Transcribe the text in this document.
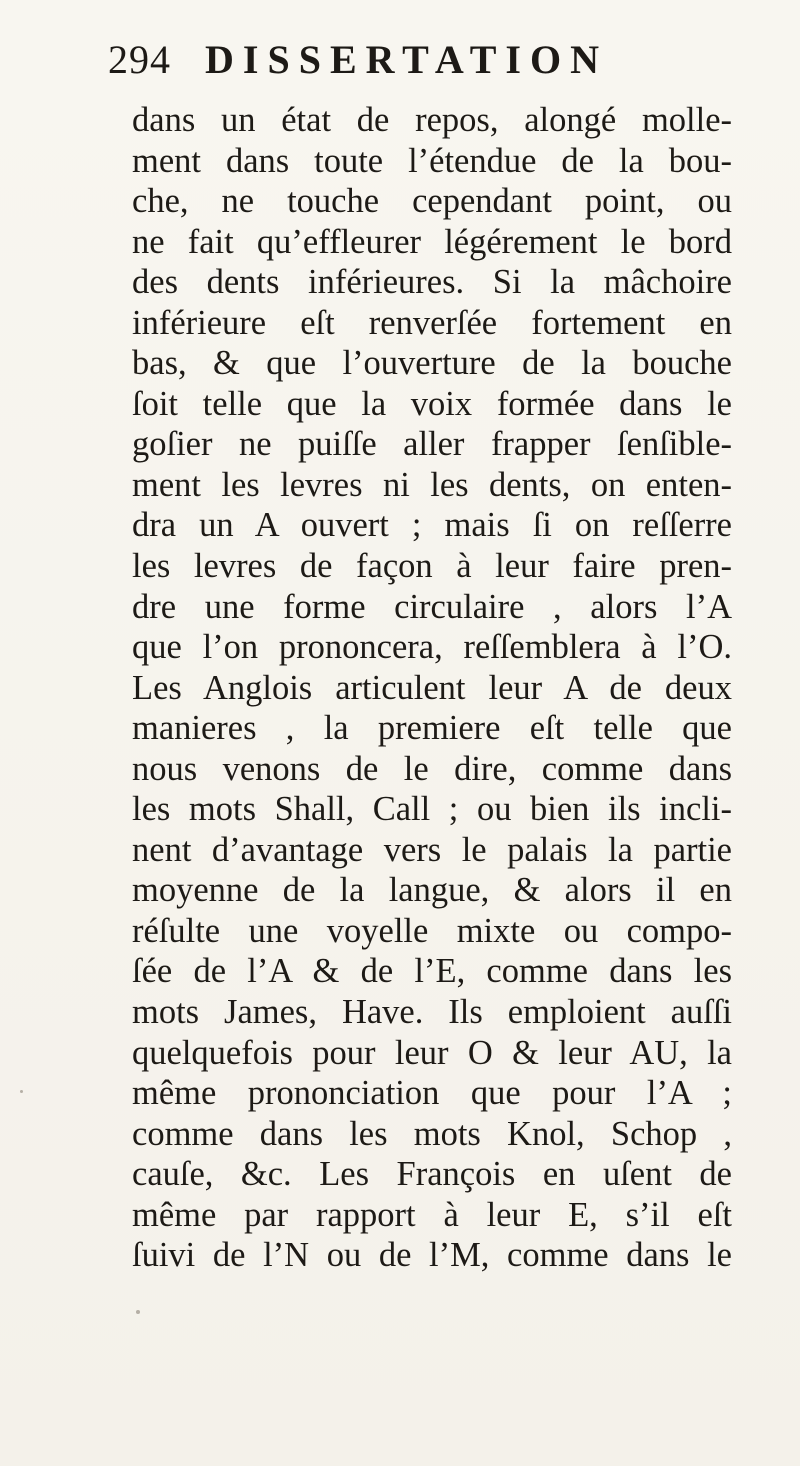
294 DISSERTATION
dans un état de repos, alongé molle-
ment dans toute l’étendue de la bou-
che, ne touche cependant point, ou
ne fait qu’effleurer légérement le bord
des dents inférieures. Si la mâchoire
inférieure eſt renverſée fortement en
bas, & que l’ouverture de la bouche
ſoit telle que la voix formée dans le
goſier ne puiſſe aller frapper ſenſible-
ment les levres ni les dents, on enten-
dra un A ouvert ; mais ſi on reſſerre
les levres de façon à leur faire pren-
dre une forme circulaire , alors l’A
que l’on prononcera, reſſemblera à l’O.
Les Anglois articulent leur A de deux
manieres , la premiere eſt telle que
nous venons de le dire, comme dans
les mots Shall, Call ; ou bien ils incli-
nent d’avantage vers le palais la partie
moyenne de la langue, & alors il en
réſulte une voyelle mixte ou compo-
ſée de l’A & de l’E, comme dans les
mots James, Have. Ils emploient auſſi
quelquefois pour leur O & leur AU, la
même prononciation que pour l’A ;
comme dans les mots Knol, Schop ,
cauſe, &c. Les François en uſent de
même par rapport à leur E, s’il eſt
ſuivi de l’N ou de l’M, comme dans le
